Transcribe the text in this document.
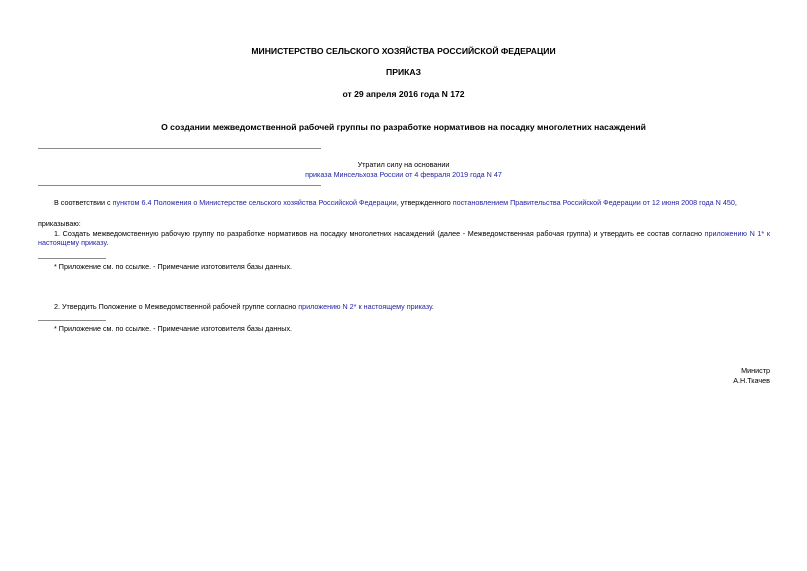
МИНИСТЕРСТВО СЕЛЬСКОГО ХОЗЯЙСТВА РОССИЙСКОЙ ФЕДЕРАЦИИ
ПРИКАЗ
от 29 апреля 2016 года N 172
О создании межведомственной рабочей группы по разработке нормативов на посадку многолетних насаждений
Утратил силу на основании
приказа Минсельхоза России от 4 февраля 2019 года N 47
В соответствии с пунктом 6.4 Положения о Министерстве сельского хозяйства Российской Федерации, утвержденного постановлением Правительства Российской Федерации от 12 июня 2008 года N 450,
приказываю:
1. Создать межведомственную рабочую группу по разработке нормативов на посадку многолетних насаждений (далее - Межведомственная рабочая группа) и утвердить ее состав согласно приложению N 1* к настоящему приказу.
* Приложение см. по ссылке. - Примечание изготовителя базы данных.
2. Утвердить Положение о Межведомственной рабочей группе согласно приложению N 2* к настоящему приказу.
* Приложение см. по ссылке. - Примечание изготовителя базы данных.
Министр
А.Н.Ткачев
